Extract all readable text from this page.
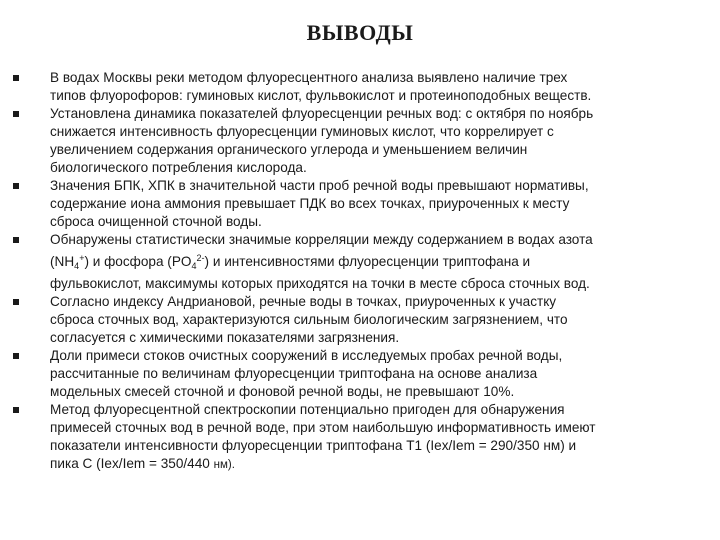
ВЫВОДЫ
В водах Москвы реки методом флуоресцентного анализа выявлено наличие трех
типов флуорофоров: гуминовых кислот, фульвокислот и протеиноподобных веществ.
Установлена динамика показателей флуоресценции речных вод: с октября по ноябрь
снижается интенсивность флуоресценции гуминовых кислот, что коррелирует с
увеличением содержания органического углерода и уменьшением величин
биологического потребления кислорода.
Значения БПК, ХПК в значительной части проб речной воды превышают нормативы,
содержание иона аммония превышает ПДК во всех точках, приуроченных к месту
сброса очищенной сточной воды.
Обнаружены статистически значимые корреляции между содержанием в водах азота
$(NH_4^+)$ и фосфора $(PO_4^{2-})$ и интенсивностями флуоресценции триптофана и
фульвокислот, максимумы которых приходятся на точки в месте сброса сточных вод.
Согласно индексу Андриановой, речные воды в точках, приуроченных к участку
сброса сточных вод, характеризуются сильным биологическим загрязнением, что
согласуется с химическими показателями загрязнения.
Доли примеси стоков очистных сооружений в исследуемых пробах речной воды,
рассчитанные по величинам флуоресценции триптофана на основе анализа
модельных смесей сточной и фоновой речной воды, не превышают 10%.
Метод флуоресцентной спектроскопии потенциально пригоден для обнаружения
примесей сточных вод в речной воде, при этом наибольшую информативность имеют
показатели интенсивности флуоресценции триптофана Т1 (Iex/Iem = 290/350 нм) и
пика С (Iex/Iem = 350/440 нм).
